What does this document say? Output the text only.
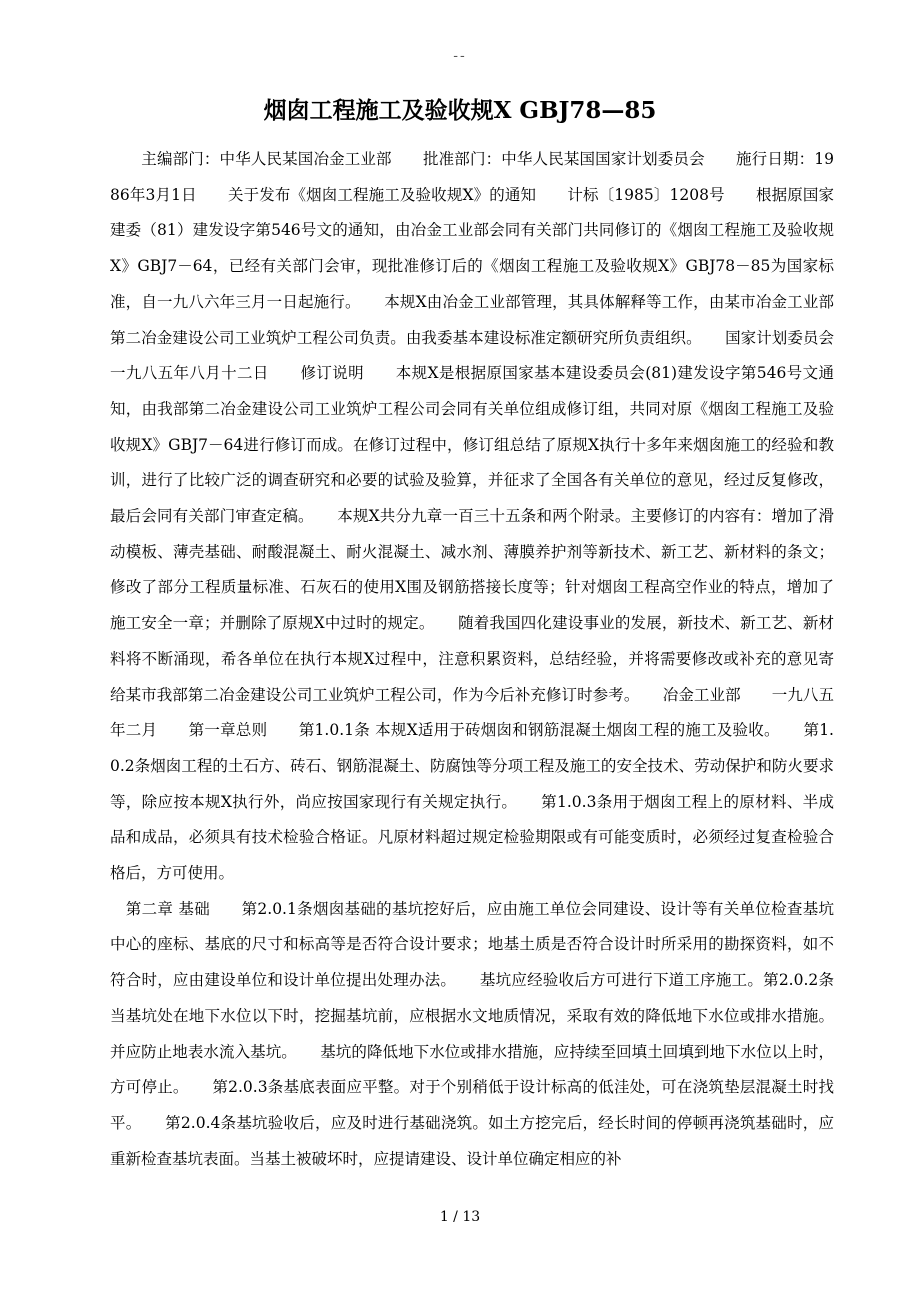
--
烟囱工程施工及验收规X GBJ78—85

　　主编部门：中华人民某国冶金工业部　　批准部门：中华人民某国国家计划委员会　　施行日期：1986年3月1日　　关于发布《烟囱工程施工及验收规X》的通知　　计标〔1985〕1208号　　根据原国家建委（81）建发设字第546号文的通知，由冶金工业部会同有关部门共同修订的《烟囱工程施工及验收规X》GBJ7－64，已经有关部门会审，现批准修订后的《烟囱工程施工及验收规X》GBJ78－85为国家标准，自一九八六年三月一日起施行。　　本规X由冶金工业部管理，其具体解释等工作，由某市冶金工业部第二冶金建设公司工业筑炉工程公司负责。由我委基本建设标准定额研究所负责组织。　　国家计划委员会　　一九八五年八月十二日　　修订说明　　本规X是根据原国家基本建设委员会(81)建发设字第546号文通知，由我部第二冶金建设公司工业筑炉工程公司会同有关单位组成修订组，共同对原《烟囱工程施工及验收规X》GBJ7－64进行修订而成。在修订过程中，修订组总结了原规X执行十多年来烟囱施工的经验和教训，进行了比较广泛的调查研究和必要的试验及验算，并征求了全国各有关单位的意见，经过反复修改，最后会同有关部门审查定稿。　　本规X共分九章一百三十五条和两个附录。主要修订的内容有：增加了滑动模板、薄壳基础、耐酸混凝土、耐火混凝土、减水剂、薄膜养护剂等新技术、新工艺、新材料的条文；修改了部分工程质量标准、石灰石的使用X围及钢筋搭接长度等；针对烟囱工程高空作业的特点，增加了施工安全一章；并删除了原规X中过时的规定。　　随着我国四化建设事业的发展，新技术、新工艺、新材料将不断涌现，希各单位在执行本规X过程中，注意积累资料，总结经验，并将需要修改或补充的意见寄给某市我部第二冶金建设公司工业筑炉工程公司，作为今后补充修订时参考。　　冶金工业部　　一九八五年二月　　第一章总则　　第1.0.1条 本规X适用于砖烟囱和钢筋混凝土烟囱工程的施工及验收。　　第1.0.2条烟囱工程的土石方、砖石、钢筋混凝土、防腐蚀等分项工程及施工的安全技术、劳动保护和防火要求等，除应按本规X执行外，尚应按国家现行有关规定执行。　　第1.0.3条用于烟囱工程上的原材料、半成品和成品，必须具有技术检验合格证。凡原材料超过规定检验期限或有可能变质时，必须经过复查检验合格后，方可使用。

　第二章 基础　　第2.0.1条烟囱基础的基坑挖好后，应由施工单位会同建设、设计等有关单位检查基坑中心的座标、基底的尺寸和标高等是否符合设计要求；地基土质是否符合设计时所采用的勘探资料，如不符合时，应由建设单位和设计单位提出处理办法。　　基坑应经验收后方可进行下道工序施工。第2.0.2条当基坑处在地下水位以下时，挖掘基坑前，应根据水文地质情况，采取有效的降低地下水位或排水措施。并应防止地表水流入基坑。　　基坑的降低地下水位或排水措施，应持续至回填土回填到地下水位以上时，方可停止。　　第2.0.3条基底表面应平整。对于个别稍低于设计标高的低洼处，可在浇筑垫层混凝土时找平。　　第2.0.4条基坑验收后，应及时进行基础浇筑。如土方挖完后，经长时间的停顿再浇筑基础时，应重新检查基坑表面。当基土被破坏时，应提请建设、设计单位确定相应的补

1 / 13
